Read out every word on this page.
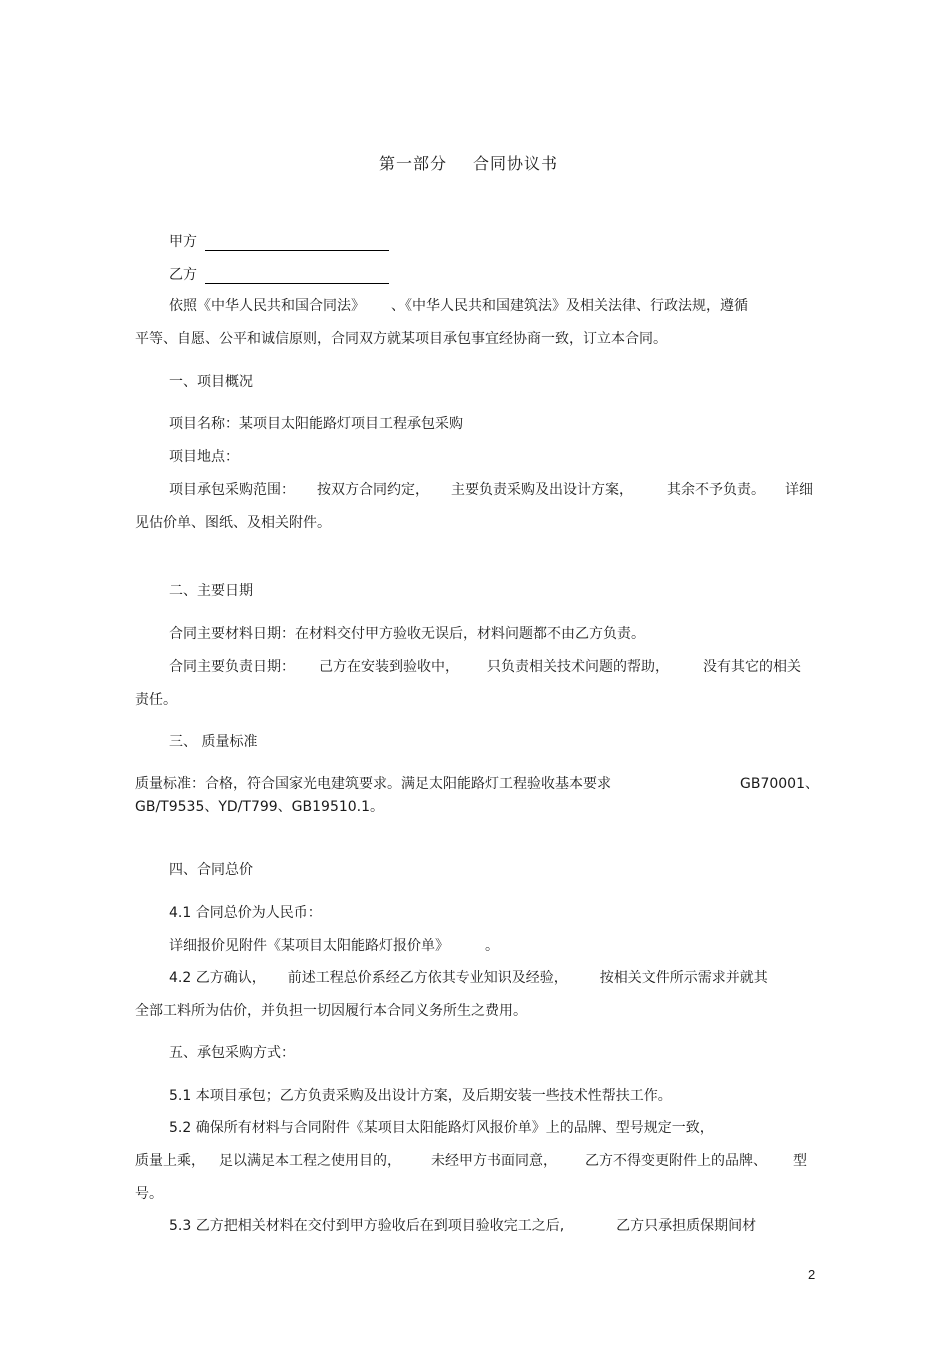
第一部分 合同协议书
甲方
乙方
依照《中华人民共和国合同法》 、《中华人民共和国建筑法》及相关法律、行政法规，遵循
平等、自愿、公平和诚信原则，合同双方就某项目承包事宜经协商一致，订立本合同。
一、项目概况
项目名称：某项目太阳能路灯项目工程承包采购
项目地点：
项目承包采购范围： 按双方合同约定， 主要负责采购及出设计方案， 其余不予负责。 详细
见估价单、图纸、及相关附件。
二、主要日期
合同主要材料日期：在材料交付甲方验收无误后，材料问题都不由乙方负责。
合同主要负责日期： 己方在安装到验收中， 只负责相关技术问题的帮助， 没有其它的相关
责任。
三、 质量标准
质量标准：合格，符合国家光电建筑要求。满足太阳能路灯工程验收基本要求	GB70001、
GB/T9535、YD/T799、GB19510.1。
四、合同总价
4.1 合同总价为人民币：
详细报价见附件《某项目太阳能路灯报价单》	。
4.2 乙方确认， 前述工程总价系经乙方依其专业知识及经验， 按相关文件所示需求并就其
全部工料所为估价，并负担一切因履行本合同义务所生之费用。
五、承包采购方式：
5.1 本项目承包；乙方负责采购及出设计方案，及后期安装一些技术性帮扶工作。
5.2 确保所有材料与合同附件《某项目太阳能路灯风报价单》上的品牌、型号规定一致，
质量上乘， 足以满足本工程之使用目的， 未经甲方书面同意， 乙方不得变更附件上的品牌、 型
号。
5.3 乙方把相关材料在交付到甲方验收后在到项目验收完工之后,	乙方只承担质保期间材
2
